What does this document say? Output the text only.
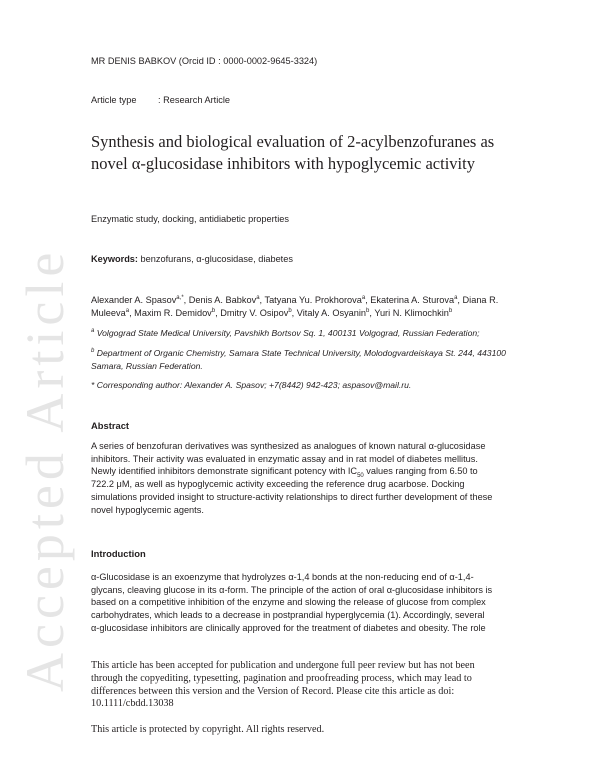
Accepted Article
MR DENIS BABKOV (Orcid ID : 0000-0002-9645-3324)
Article type : Research Article
Synthesis and biological evaluation of 2-acylbenzofuranes as
novel α-glucosidase inhibitors with hypoglycemic activity
Enzymatic study, docking, antidiabetic properties
Keywords: benzofurans, α-glucosidase, diabetes
Alexander A. Spasov$^{a,*}$, Denis A. Babkov$^a$, Tatyana Yu. Prokhorova$^a$, Ekaterina A. Sturova$^a$, Diana R. Muleeva$^a$, Maxim R. Demidov$^b$, Dmitry V. Osipov$^b$, Vitaly A. Osyanin$^b$, Yuri N. Klimochkin$^b$
$^a$ Volgograd State Medical University, Pavshikh Bortsov Sq. 1, 400131 Volgograd, Russian Federation;
$^b$ Department of Organic Chemistry, Samara State Technical University, Molodogvardeiskaya St. 244, 443100 Samara, Russian Federation.
* Corresponding author: Alexander A. Spasov; +7(8442) 942-423; aspasov@mail.ru.
Abstract
A series of benzofuran derivatives was synthesized as analogues of known natural α-glucosidase
inhibitors. Their activity was evaluated in enzymatic assay and in rat model of diabetes mellitus.
Newly identified inhibitors demonstrate significant potency with $IC_{50}$ values ranging from 6.50 to
722.2 μM, as well as hypoglycemic activity exceeding the reference drug acarbose. Docking
simulations provided insight to structure-activity relationships to direct further development of these
novel hypoglycemic agents.
Introduction
α-Glucosidase is an exoenzyme that hydrolyzes α-1,4 bonds at the non-reducing end of α-1,4-
glycans, cleaving glucose in its α-form. The principle of the action of oral α-glucosidase inhibitors is
based on a competitive inhibition of the enzyme and slowing the release of glucose from complex
carbohydrates, which leads to a decrease in postprandial hyperglycemia (1). Accordingly, several
α-glucosidase inhibitors are clinically approved for the treatment of diabetes and obesity. The role
This article has been accepted for publication and undergone full peer review but has not been
through the copyediting, typesetting, pagination and proofreading process, which may lead to
differences between this version and the Version of Record. Please cite this article as doi:
10.1111/cbdd.13038
This article is protected by copyright. All rights reserved.
